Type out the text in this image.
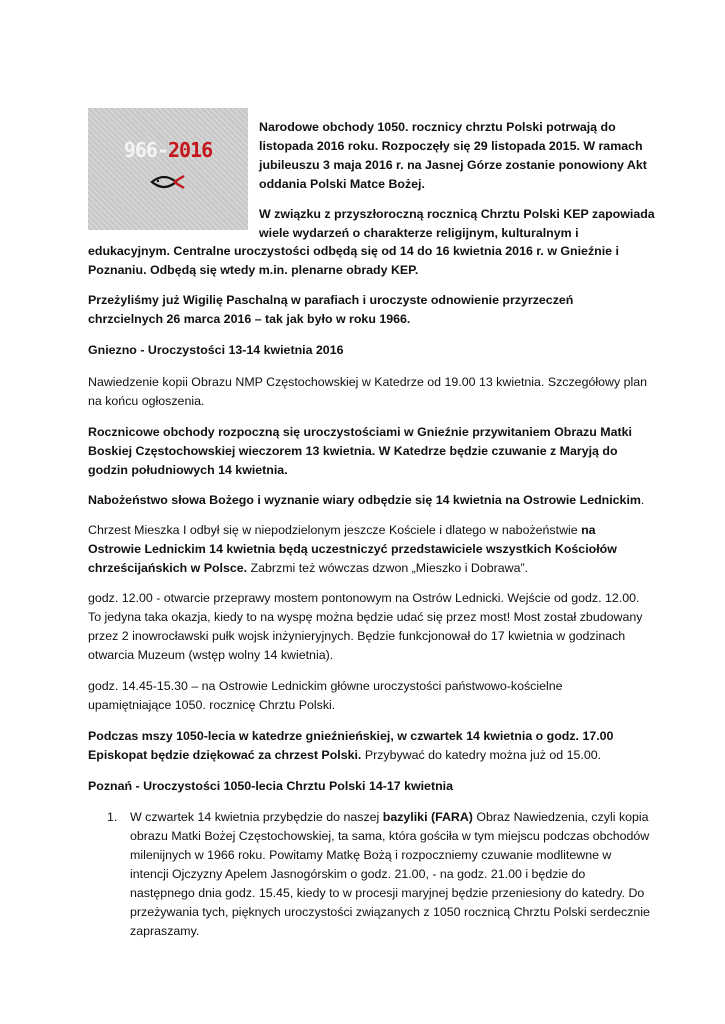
966-2016

Narodowe obchody 1050. rocznicy chrztu Polski potrwają do listopada 2016 roku. Rozpoczęły się 29 listopada 2015. W ramach jubileuszu 3 maja 2016 r. na Jasnej Górze zostanie ponowiony Akt oddania Polski Matce Bożej.

W związku z przyszłoroczną rocznicą Chrztu Polski KEP zapowiada wiele wydarzeń o charakterze religijnym, kulturalnym i

edukacyjnym. Centralne uroczystości odbędą się od 14 do 16 kwietnia 2016 r. w Gnieźnie i Poznaniu. Odbędą się wtedy m.in. plenarne obrady KEP.

Przeżyliśmy już Wigilię Paschalną w parafiach i uroczyste odnowienie przyrzeczeń chrzcielnych 26 marca 2016 – tak jak było w roku 1966.

Gniezno - Uroczystości 13-14 kwietnia 2016

Nawiedzenie kopii Obrazu NMP Częstochowskiej w Katedrze od 19.00 13 kwietnia. Szczegółowy plan na końcu ogłoszenia.

Rocznicowe obchody rozpoczną się uroczystościami w Gnieźnie przywitaniem Obrazu Matki Boskiej Częstochowskiej wieczorem 13 kwietnia. W Katedrze będzie czuwanie z Maryją do godzin południowych 14 kwietnia.

Nabożeństwo słowa Bożego i wyznanie wiary odbędzie się 14 kwietnia na Ostrowie Lednickim.

Chrzest Mieszka I odbył się w niepodzielonym jeszcze Kościele i dlatego w nabożeństwie na Ostrowie Lednickim 14 kwietnia będą uczestniczyć przedstawiciele wszystkich Kościołów chrześcijańskich w Polsce. Zabrzmi też wówczas dzwon „Mieszko i Dobrawa”.

godz. 12.00 - otwarcie przeprawy mostem pontonowym na Ostrów Lednicki. Wejście od godz. 12.00. To jedyna taka okazja, kiedy to na wyspę można będzie udać się przez most! Most został zbudowany przez 2 inowrocławski pułk wojsk inżynieryjnych. Będzie funkcjonował do 17 kwietnia w godzinach otwarcia Muzeum (wstęp wolny 14 kwietnia).

godz. 14.45-15.30 – na Ostrowie Lednickim główne uroczystości państwowo-kościelne upamiętniające 1050. rocznicę Chrztu Polski.

Podczas mszy 1050-lecia w katedrze gnieźnieńskiej, w czwartek 14 kwietnia o godz. 17.00 Episkopat będzie dziękować za chrzest Polski. Przybywać do katedry można już od 15.00.

Poznań - Uroczystości 1050-lecia Chrztu Polski 14-17 kwietnia

1. W czwartek 14 kwietnia przybędzie do naszej bazyliki (FARA) Obraz Nawiedzenia, czyli kopia obrazu Matki Bożej Częstochowskiej, ta sama, która gościła w tym miejscu podczas obchodów milenijnych w 1966 roku. Powitamy Matkę Bożą i rozpoczniemy czuwanie modlitewne w intencji Ojczyzny Apelem Jasnogórskim o godz. 21.00, - na godz. 21.00 i będzie do następnego dnia godz. 15.45, kiedy to w procesji maryjnej będzie przeniesiony do katedry. Do przeżywania tych, pięknych uroczystości związanych z 1050 rocznicą Chrztu Polski serdecznie zapraszamy.
